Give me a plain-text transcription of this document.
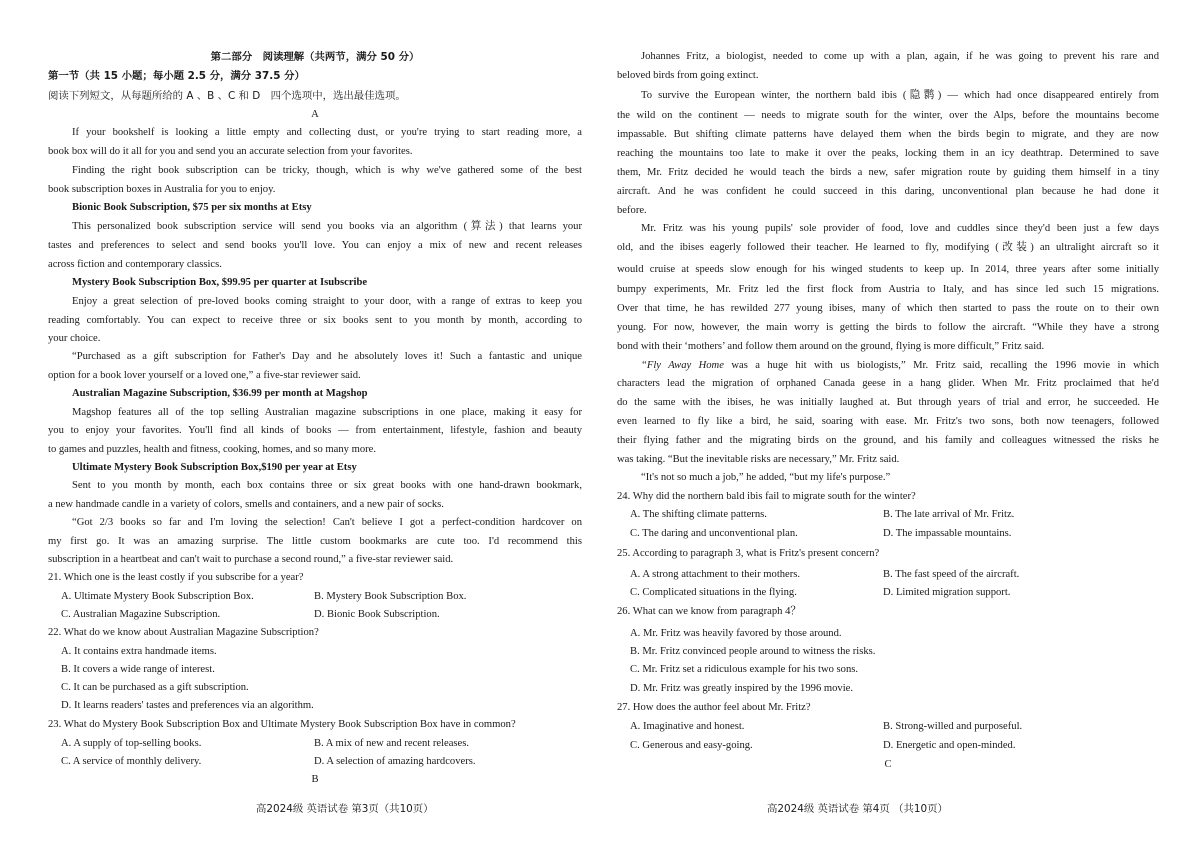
第二部分　阅读理解（共两节，满分 50 分）
第一节（共 15 小题；每小题 2.5 分，满分 37.5 分）
阅读下列短文，从每题所给的 A 、B 、C 和 D　四个选项中，选出最佳选项。
A
If your bookshelf is looking a little empty and collecting dust, or you're trying to start reading more, a
book box will do it all for you and send you an accurate selection from your favorites.
Finding the right book subscription can be tricky, though, which is why we've gathered some of the best
book subscription boxes in Australia for you to enjoy.
Bionic Book Subscription, $75 per six months at Etsy
This personalized book subscription service will send you books via an algorithm (算法) that learns your
tastes and preferences to select and send books you'll love. You can enjoy a mix of new and recent releases
across fiction and contemporary classics.
Mystery Book Subscription Box, $99.95 per quarter at Isubscribe
Enjoy a great selection of pre-loved books coming straight to your door, with a range of extras to keep you
reading comfortably. You can expect to receive three or six books sent to you month by month, according to
your choice.
“Purchased as a gift subscription for Father's Day and he absolutely loves it! Such a fantastic and unique
option for a book lover yourself or a loved one,” a five-star reviewer said.
Australian Magazine Subscription, $36.99 per month at Magshop
Magshop features all of the top selling Australian magazine subscriptions in one place, making it easy for
you to enjoy your favorites. You'll find all kinds of books — from entertainment, lifestyle, fashion and beauty
to games and puzzles, health and fitness, cooking, homes, and so many more.
Ultimate Mystery Book Subscription Box,$190 per year at Etsy
Sent to you month by month, each box contains three or six great books with one hand-drawn bookmark,
a new handmade candle in a variety of colors, smells and containers, and a new pair of socks.
“Got 2/3 books so far and I'm loving the selection! Can't believe I got a perfect-condition hardcover on
my first go. It was an amazing surprise. The little custom bookmarks are cute too. I'd recommend this
subscription in a heartbeat and can't wait to purchase a second round,” a five-star reviewer said.
21. Which one is the least costly if you subscribe for a year?
22. What do we know about Australian Magazine Subscription?
A. It contains extra handmade items.
B. It covers a wide range of interest.
C. It can be purchased as a gift subscription.
D. It learns readers' tastes and preferences via an algorithm.
23. What do Mystery Book Subscription Box and Ultimate Mystery Book Subscription Box have in common?
B
A. Ultimate Mystery Book Subscription Box.	B. Mystery Book Subscription Box.
C. Australian Magazine Subscription.	D. Bionic Book Subscription.
A. A supply of top-selling books.	B. A mix of new and recent releases.
C. A service of monthly delivery.	D. A selection of amazing hardcovers.
Johannes Fritz, a biologist, needed to come up with a plan, again, if he was going to prevent his rare and
beloved birds from going extinct.
To survive the European winter, the northern bald ibis (隐鹮) — which had once disappeared entirely from
the wild on the continent — needs to migrate south for the winter, over the Alps, before the mountains become
impassable. But shifting climate patterns have delayed them when the birds begin to migrate, and they are now
reaching the mountains too late to make it over the peaks, locking them in an icy deathtrap. Determined to save
them, Mr. Fritz decided he would teach the birds a new, safer migration route by guiding them himself in a tiny
aircraft. And he was confident he could succeed in this daring, unconventional plan because he had done it
before.
Mr. Fritz was his young pupils' sole provider of food, love and cuddles since they'd been just a few days
old, and the ibises eagerly followed their teacher. He learned to fly, modifying (改装) an ultralight aircraft so it
would cruise at speeds slow enough for his winged students to keep up. In 2014, three years after some initially
bumpy experiments, Mr. Fritz led the first flock from Austria to Italy, and has since led such 15 migrations.
Over that time, he has rewilded 277 young ibises, many of which then started to pass the route on to their own
young. For now, however, the main worry is getting the birds to follow the aircraft. “While they have a strong
bond with their ‘mothers’ and follow them around on the ground, flying is more difficult,” Fritz said.
“Fly Away Home was a huge hit with us biologists,” Mr. Fritz said, recalling the 1996 movie in which
characters lead the migration of orphaned Canada geese in a hang glider. When Mr. Fritz proclaimed that he'd
do the same with the ibises, he was initially laughed at. But through years of trial and error, he succeeded. He
even learned to fly like a bird, he said, soaring with ease. Mr. Fritz's two sons, both now teenagers, followed
their flying father and the migrating birds on the ground, and his family and colleagues witnessed the risks he
was taking. “But the inevitable risks are necessary,” Mr. Fritz said.
“It's not so much a job,” he added, “but my life's purpose.”
24. Why did the northern bald ibis fail to migrate south for the winter?
25. According to paragraph 3, what is Fritz's present concern?
26. What can we know from paragraph 4？
A. Mr. Fritz was heavily favored by those around.
B. Mr. Fritz convinced people around to witness the risks.
C. Mr. Fritz set a ridiculous example for his two sons.
D. Mr. Fritz was greatly inspired by the 1996 movie.
27. How does the author feel about Mr. Fritz?
C
A. The shifting climate patterns.	B. The late arrival of Mr. Fritz.
C. The daring and unconventional plan.	D. The impassable mountains.
A. A strong attachment to their mothers.	B. The fast speed of the aircraft.
C. Complicated situations in the flying.	D. Limited migration support.
A. Imaginative and honest.	B. Strong-willed and purposeful.
C. Generous and easy-going.	D. Energetic and open-minded.
高2024级 英语试卷 第3页（共10页）	高2024级 英语试卷 第4页 （共10页）
